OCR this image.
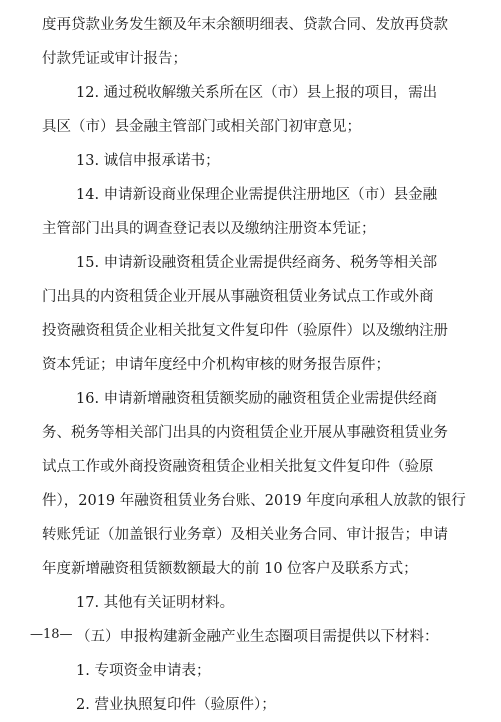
度再贷款业务发生额及年末余额明细表、贷款合同、发放再贷款
付款凭证或审计报告；
12. 通过税收解缴关系所在区（市）县上报的项目，需出
具区（市）县金融主管部门或相关部门初审意见；
13. 诚信申报承诺书；
14. 申请新设商业保理企业需提供注册地区（市）县金融
主管部门出具的调查登记表以及缴纳注册资本凭证；
15. 申请新设融资租赁企业需提供经商务、税务等相关部
门出具的内资租赁企业开展从事融资租赁业务试点工作或外商
投资融资租赁企业相关批复文件复印件（验原件）以及缴纳注册
资本凭证；申请年度经中介机构审核的财务报告原件；
16. 申请新增融资租赁额奖励的融资租赁企业需提供经商
务、税务等相关部门出具的内资租赁企业开展从事融资租赁业务
试点工作或外商投资融资租赁企业相关批复文件复印件（验原
件），2019 年融资租赁业务台账、2019 年度向承租人放款的银行
转账凭证（加盖银行业务章）及相关业务合同、审计报告；申请
年度新增融资租赁额数额最大的前 10 位客户及联系方式；
17. 其他有关证明材料。
（五）申报构建新金融产业生态圈项目需提供以下材料：
1. 专项资金申请表；
2. 营业执照复印件（验原件）；
—18—
